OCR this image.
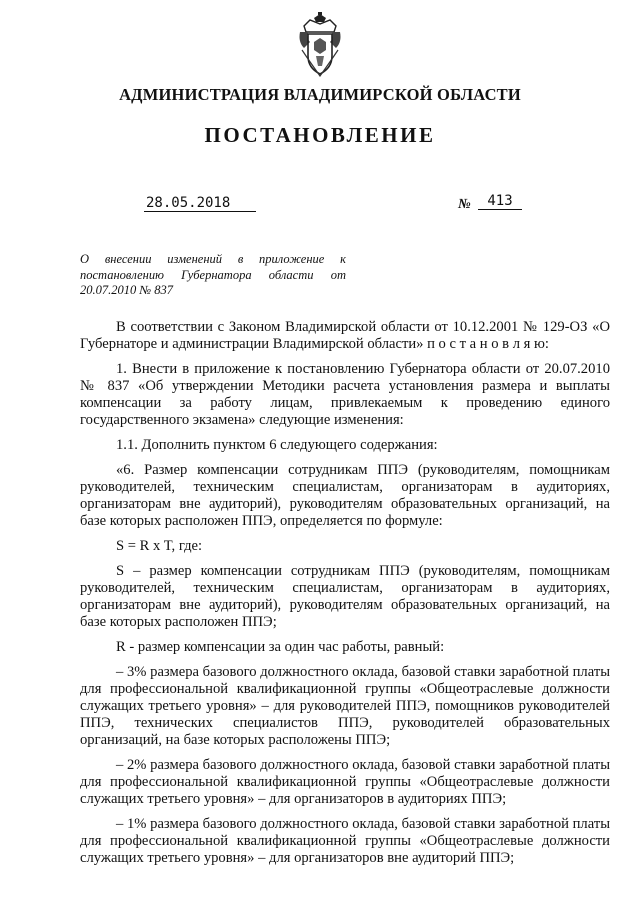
АДМИНИСТРАЦИЯ ВЛАДИМИРСКОЙ ОБЛАСТИ
ПОСТАНОВЛЕНИЕ
28.05.2018	№	413
О внесении изменений в приложение к
постановлению Губернатора области от
20.07.2010 № 837

В соответствии с Законом Владимирской области от 10.12.2001 № 129-ОЗ «О Губернаторе и администрации Владимирской области» п о с т а н о в л я ю:

1. Внести в приложение к постановлению Губернатора области от 20.07.2010 № 837 «Об утверждении Методики расчета установления размера и выплаты компенсации за работу лицам, привлекаемым к проведению единого государственного экзамена» следующие изменения:

1.1. Дополнить пунктом 6 следующего содержания:

«6. Размер компенсации сотрудникам ППЭ (руководителям, помощникам руководителей, техническим специалистам, организаторам в аудиториях, организаторам вне аудиторий), руководителям образовательных организаций, на базе которых расположен ППЭ, определяется по формуле:

S = R x T, где:

S – размер компенсации сотрудникам ППЭ (руководителям, помощникам руководителей, техническим специалистам, организаторам в аудиториях, организаторам вне аудиторий), руководителям образовательных организаций, на базе которых расположен ППЭ;

R - размер компенсации за один час работы, равный:

– 3% размера базового должностного оклада, базовой ставки заработной платы для профессиональной квалификационной группы «Общеотраслевые должности служащих третьего уровня» – для руководителей ППЭ, помощников руководителей ППЭ, технических специалистов ППЭ, руководителей образовательных организаций, на базе которых расположены ППЭ;

– 2% размера базового должностного оклада, базовой ставки заработной платы для профессиональной квалификационной группы «Общеотраслевые должности служащих третьего уровня» – для организаторов в аудиториях ППЭ;

– 1% размера базового должностного оклада, базовой ставки заработной платы для профессиональной квалификационной группы «Общеотраслевые должности служащих третьего уровня» – для организаторов вне аудиторий ППЭ;
